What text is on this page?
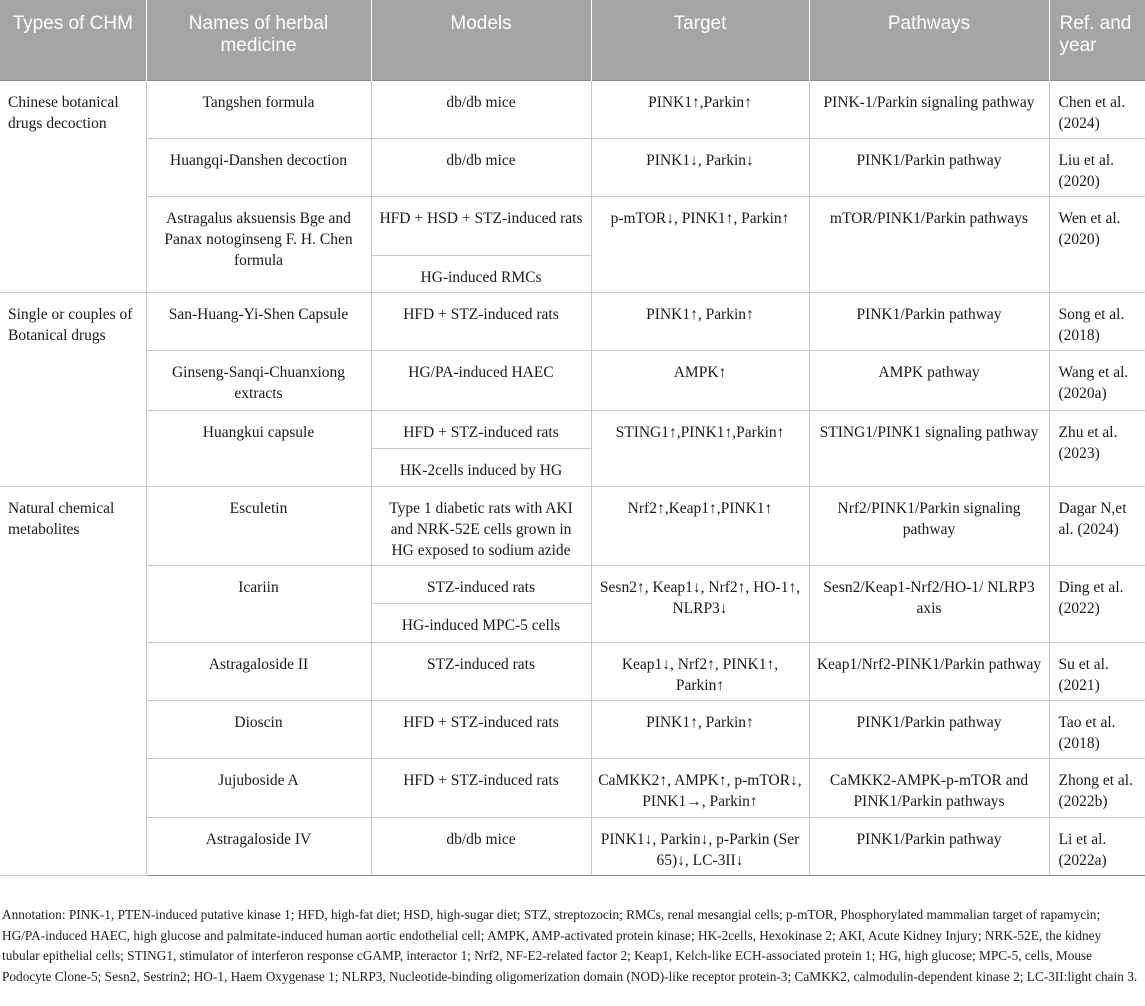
Types of CHM	Names of herbal medicine	Models	Target	Pathways	Ref. and year
Chinese botanical drugs decoction	Tangshen formula	db/db mice	PINK1↑,Parkin↑	PINK-1/Parkin signaling pathway	Chen et al. (2024)
	Huangqi-Danshen decoction	db/db mice	PINK1↓, Parkin↓	PINK1/Parkin pathway	Liu et al. (2020)
	Astragalus aksuensis Bge and Panax notoginseng F. H. Chen formula	HFD + HSD + STZ-induced rats	p-mTOR↓, PINK1↑, Parkin↑	mTOR/PINK1/Parkin pathways	Wen et al. (2020)
		HG-induced RMCs			
Single or couples of Botanical drugs	San-Huang-Yi-Shen Capsule	HFD + STZ-induced rats	PINK1↑, Parkin↑	PINK1/Parkin pathway	Song et al. (2018)
	Ginseng-Sanqi-Chuanxiong extracts	HG/PA-induced HAEC	AMPK↑	AMPK pathway	Wang et al. (2020a)
	Huangkui capsule	HFD + STZ-induced rats	STING1↑,PINK1↑,Parkin↑	STING1/PINK1 signaling pathway	Zhu et al. (2023)
		HK-2cells induced by HG			
Natural chemical metabolites	Esculetin	Type 1 diabetic rats with AKI and NRK-52E cells grown in HG exposed to sodium azide	Nrf2↑,Keap1↑,PINK1↑	Nrf2/PINK1/Parkin signaling pathway	Dagar N,et al. (2024)
	Icariin	STZ-induced rats	Sesn2↑, Keap1↓, Nrf2↑, HO-1↑, NLRP3↓	Sesn2/Keap1-Nrf2/HO-1/ NLRP3 axis	Ding et al. (2022)
		HG-induced MPC-5 cells			
	Astragaloside II	STZ-induced rats	Keap1↓, Nrf2↑, PINK1↑, Parkin↑	Keap1/Nrf2-PINK1/Parkin pathway	Su et al. (2021)
	Dioscin	HFD + STZ-induced rats	PINK1↑, Parkin↑	PINK1/Parkin pathway	Tao et al. (2018)
	Jujuboside A	HFD + STZ-induced rats	CaMKK2↑, AMPK↑, p-mTOR↓, PINK1→, Parkin↑	CaMKK2-AMPK-p-mTOR and PINK1/Parkin pathways	Zhong et al. (2022b)
	Astragaloside IV	db/db mice	PINK1↓, Parkin↓, p-Parkin (Ser 65)↓, LC-3II↓	PINK1/Parkin pathway	Li et al. (2022a)
Annotation: PINK-1, PTEN-induced putative kinase 1; HFD, high-fat diet; HSD, high-sugar diet; STZ, streptozocin; RMCs, renal mesangial cells; p-mTOR, Phosphorylated mammalian target of rapamycin; HG/PA-induced HAEC, high glucose and palmitate-induced human aortic endothelial cell; AMPK, AMP-activated protein kinase; HK-2cells, Hexokinase 2; AKI, Acute Kidney Injury; NRK-52E, the kidney tubular epithelial cells; STING1, stimulator of interferon response cGAMP, interactor 1; Nrf2, NF-E2-related factor 2; Keap1, Kelch-like ECH-associated protein 1; HG, high glucose; MPC-5, cells, Mouse Podocyte Clone-5; Sesn2, Sestrin2; HO-1, Haem Oxygenase 1; NLRP3, Nucleotide-binding oligomerization domain (NOD)-like receptor protein-3; CaMKK2, calmodulin-dependent kinase 2; LC-3II:light chain 3.
